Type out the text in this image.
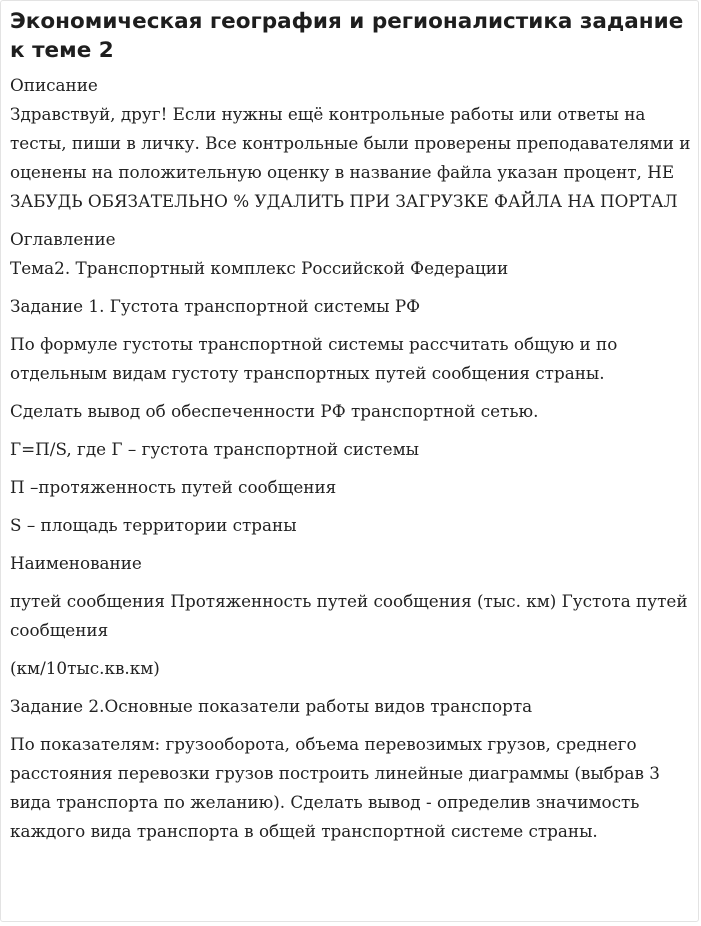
Экономическая география и регионалистика задание к теме 2

Описание

Здравствуй, друг! Если нужны ещё контрольные работы или ответы на тесты, пиши в личку. Все контрольные были проверены преподавателями и оценены на положительную оценку в название файла указан процент, НЕ ЗАБУДЬ ОБЯЗАТЕЛЬНО % УДАЛИТЬ ПРИ ЗАГРУЗКЕ ФАЙЛА НА ПОРТАЛ

Оглавление

Тема2. Транспортный комплекс Российской Федерации

Задание 1. Густота транспортной системы РФ

По формуле густоты транспортной системы рассчитать общую и по отдельным видам густоту транспортных путей сообщения страны.

Сделать вывод об обеспеченности РФ транспортной сетью.

Г=П/S, где Г – густота транспортной системы

П –протяженность путей сообщения

S – площадь территории страны

Наименование

путей сообщения Протяженность путей сообщения (тыс. км) Густота путей сообщения

(км/10тыс.кв.км)

Задание 2.Основные показатели работы видов транспорта

По показателям: грузооборота, объема перевозимых грузов, среднего расстояния перевозки грузов построить линейные диаграммы (выбрав 3 вида транспорта по желанию). Сделать вывод - определив значимость каждого вида транспорта в общей транспортной системе страны.
